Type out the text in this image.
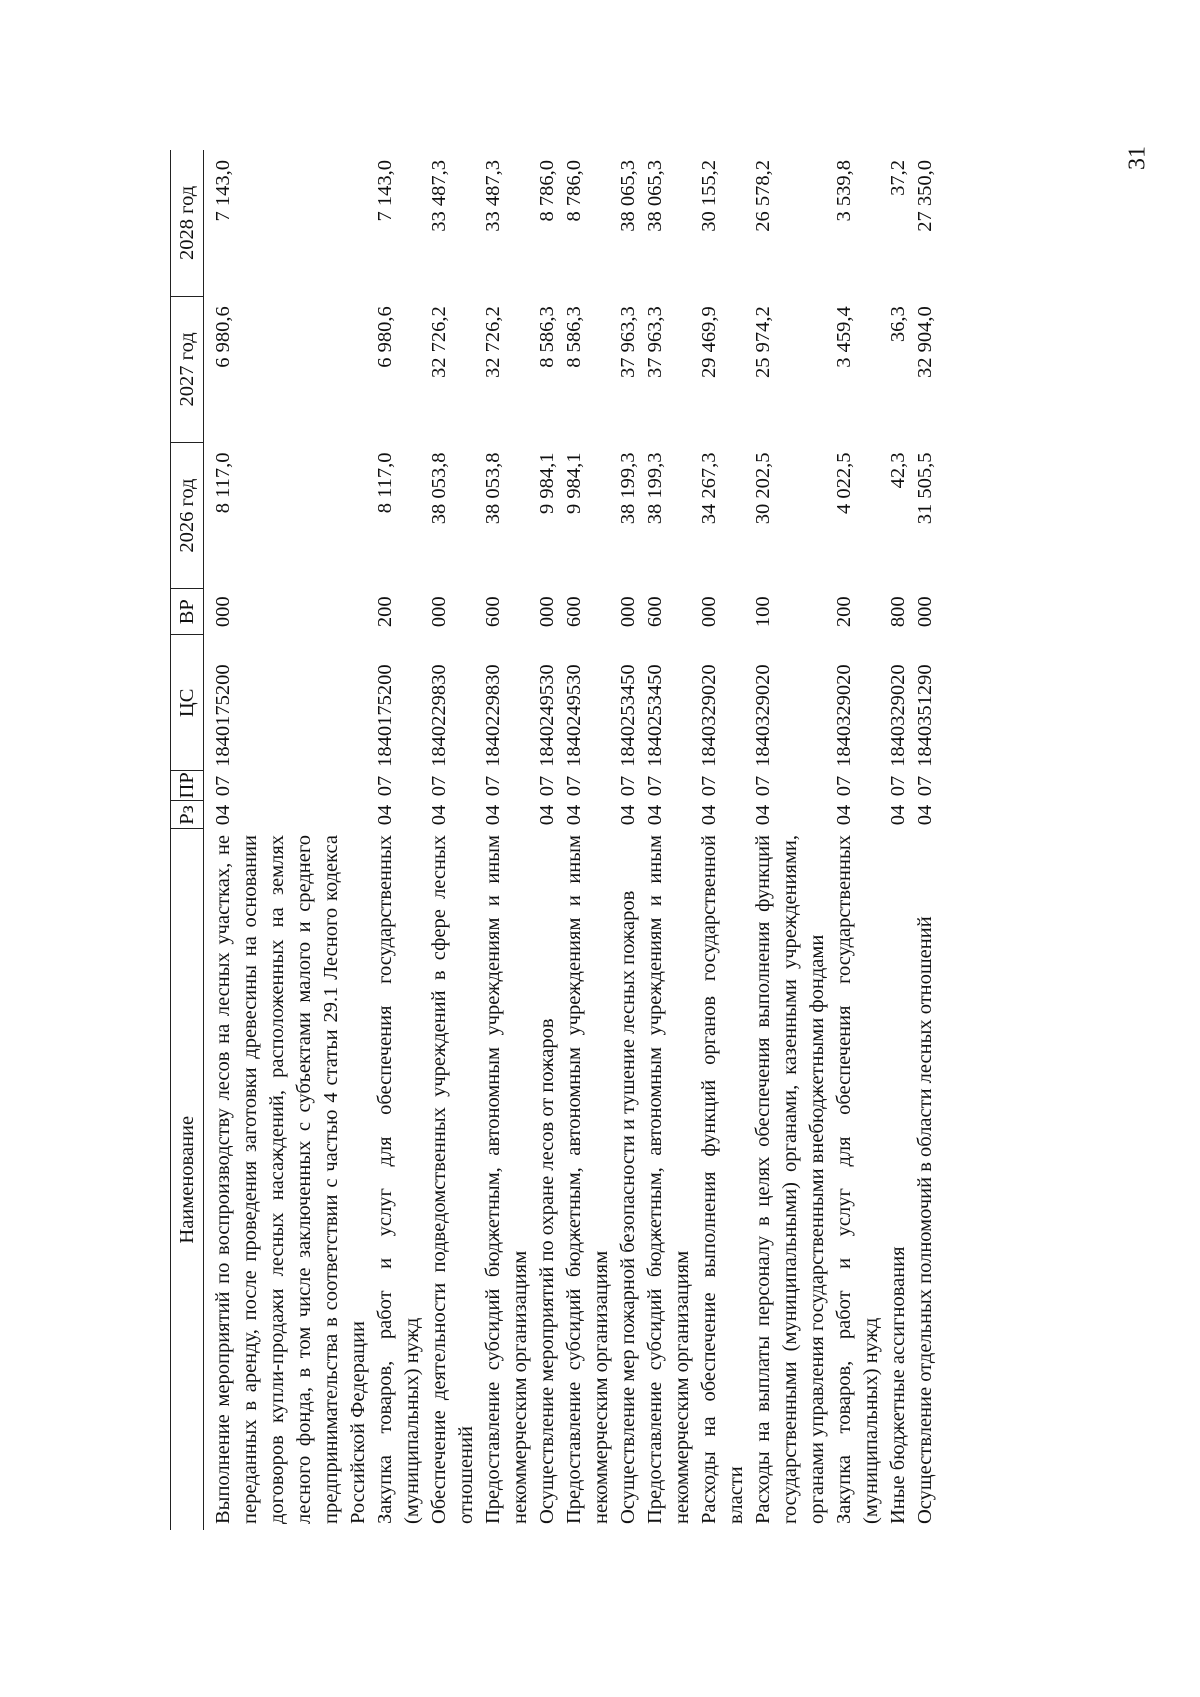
31
Наименование	Рз	ПР	ЦС	ВР	2026 год	2027 год	2028 год
Выполнение мероприятий по воспроизводству лесов на лесных участках, не переданных в аренду, после проведения заготовки древесины на основании договоров купли-продажи лесных насаждений, расположенных на землях лесного фонда, в том числе заключенных с субъектами малого и среднего предпринимательства в соответствии с частью 4 статьи 29.1 Лесного кодекса Российской Федерации	04	07	1840175200	000	8 117,0	6 980,6	7 143,0
Закупка товаров, работ и услуг для обеспечения государственных (муниципальных) нужд	04	07	1840175200	200	8 117,0	6 980,6	7 143,0
Обеспечение деятельности подведомственных учреждений в сфере лесных отношений	04	07	1840229830	000	38 053,8	32 726,2	33 487,3
Предоставление субсидий бюджетным, автономным учреждениям и иным некоммерческим организациям	04	07	1840229830	600	38 053,8	32 726,2	33 487,3
Осуществление мероприятий по охране лесов от пожаров	04	07	1840249530	000	9 984,1	8 586,3	8 786,0
Предоставление субсидий бюджетным, автономным учреждениям и иным некоммерческим организациям	04	07	1840249530	600	9 984,1	8 586,3	8 786,0
Осуществление мер пожарной безопасности и тушение лесных пожаров	04	07	1840253450	000	38 199,3	37 963,3	38 065,3
Предоставление субсидий бюджетным, автономным учреждениям и иным некоммерческим организациям	04	07	1840253450	600	38 199,3	37 963,3	38 065,3
Расходы на обеспечение выполнения функций органов государственной власти	04	07	1840329020	000	34 267,3	29 469,9	30 155,2
Расходы на выплаты персоналу в целях обеспечения выполнения функций государственными (муниципальными) органами, казенными учреждениями, органами управления государственными внебюджетными фондами	04	07	1840329020	100	30 202,5	25 974,2	26 578,2
Закупка товаров, работ и услуг для обеспечения государственных (муниципальных) нужд	04	07	1840329020	200	4 022,5	3 459,4	3 539,8
Иные бюджетные ассигнования	04	07	1840329020	800	42,3	36,3	37,2
Осуществление отдельных полномочий в области лесных отношений	04	07	1840351290	000	31 505,5	32 904,0	27 350,0
